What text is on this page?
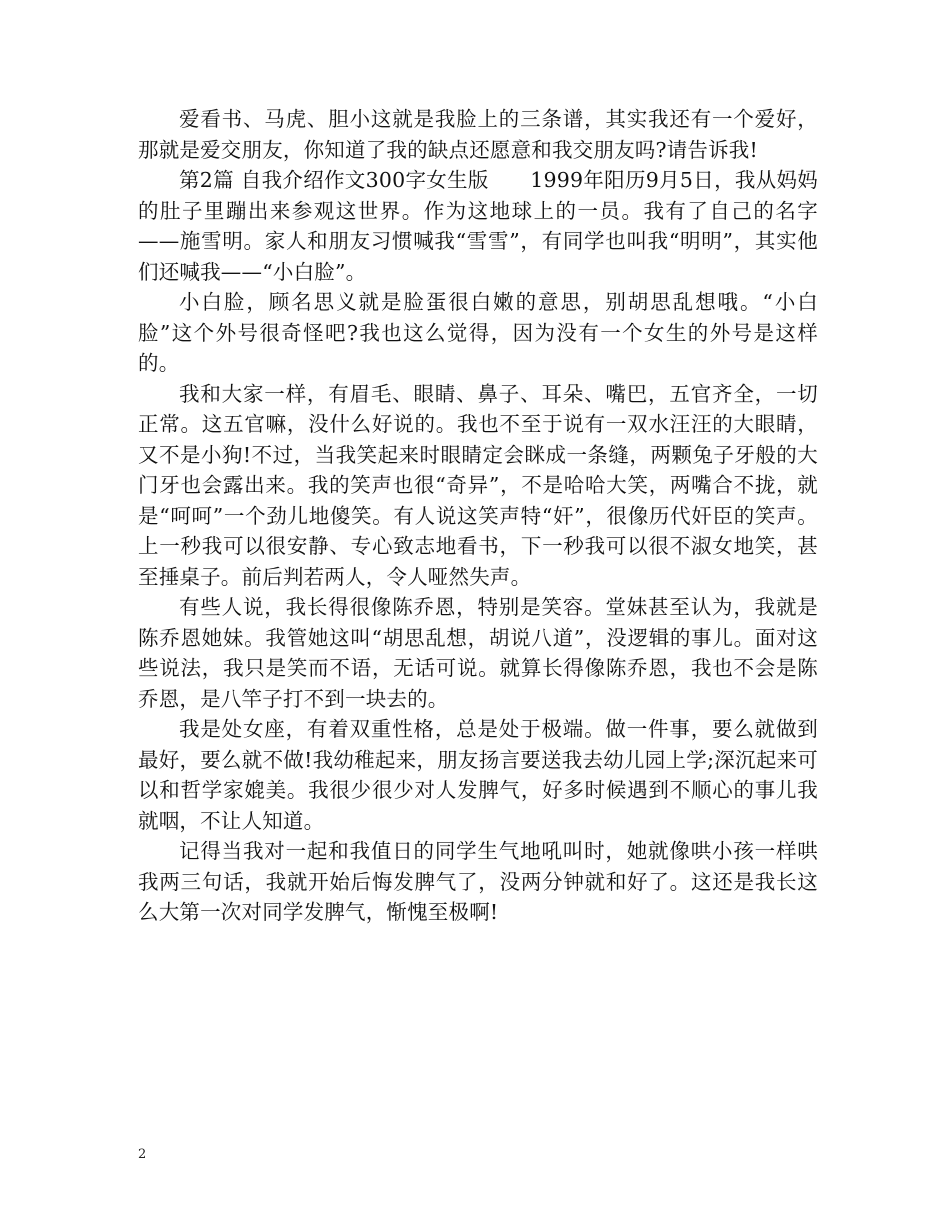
爱看书、马虎、胆小这就是我脸上的三条谱，其实我还有一个爱好，那就是爱交朋友，你知道了我的缺点还愿意和我交朋友吗?请告诉我!

第2篇 自我介绍作文300字女生版　　1999年阳历9月5日，我从妈妈的肚子里蹦出来参观这世界。作为这地球上的一员。我有了自己的名字——施雪明。家人和朋友习惯喊我“雪雪”，有同学也叫我“明明”，其实他们还喊我——“小白脸”。

小白脸，顾名思义就是脸蛋很白嫩的意思，别胡思乱想哦。“小白脸”这个外号很奇怪吧?我也这么觉得，因为没有一个女生的外号是这样的。

我和大家一样，有眉毛、眼睛、鼻子、耳朵、嘴巴，五官齐全，一切正常。这五官嘛，没什么好说的。我也不至于说有一双水汪汪的大眼睛，又不是小狗!不过，当我笑起来时眼睛定会眯成一条缝，两颗兔子牙般的大门牙也会露出来。我的笑声也很“奇异”，不是哈哈大笑，两嘴合不拢，就是“呵呵”一个劲儿地傻笑。有人说这笑声特“奸”，很像历代奸臣的笑声。上一秒我可以很安静、专心致志地看书，下一秒我可以很不淑女地笑，甚至捶桌子。前后判若两人，令人哑然失声。

有些人说，我长得很像陈乔恩，特别是笑容。堂妹甚至认为，我就是陈乔恩她妹。我管她这叫“胡思乱想，胡说八道”，没逻辑的事儿。面对这些说法，我只是笑而不语，无话可说。就算长得像陈乔恩，我也不会是陈乔恩，是八竿子打不到一块去的。

我是处女座，有着双重性格，总是处于极端。做一件事，要么就做到最好，要么就不做!我幼稚起来，朋友扬言要送我去幼儿园上学;深沉起来可以和哲学家媲美。我很少很少对人发脾气，好多时候遇到不顺心的事儿我就咽，不让人知道。

记得当我对一起和我值日的同学生气地吼叫时，她就像哄小孩一样哄我两三句话，我就开始后悔发脾气了，没两分钟就和好了。这还是我长这么大第一次对同学发脾气，惭愧至极啊!

2
